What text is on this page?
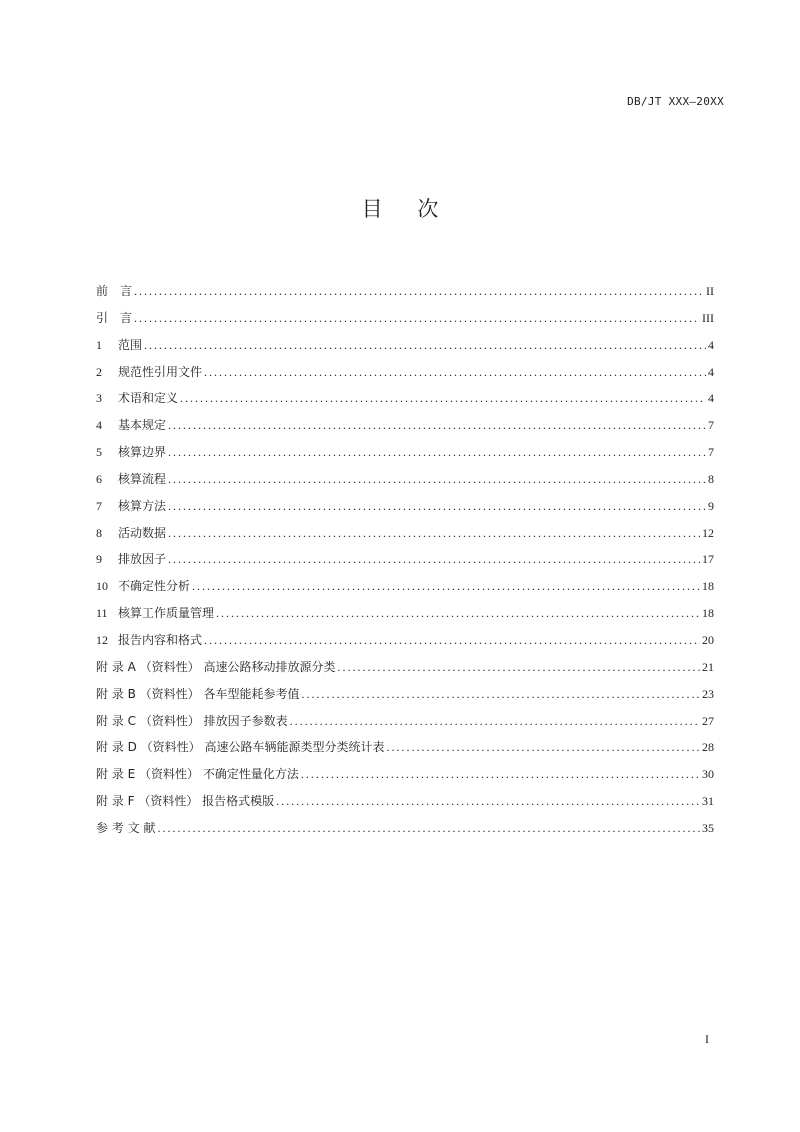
DB/JT XXX—20XX
目 次
前　言 . . .	II
引　言 . . .	III
1 范围 . . .	4
2 规范性引用文件 . . .	4
3 术语和定义 . . .	4
4 基本规定 . . .	7
5 核算边界 . . .	7
6 核算流程 . . .	8
7 核算方法 . . .	9
8 活动数据 . . .	12
9 排放因子 . . .	17
10 不确定性分析 . . .	18
11 核算工作质量管理 . . .	18
12 报告内容和格式 . . .	20
附 录 A （资料性） 高速公路移动排放源分类 . . .	21
附 录 B （资料性） 各车型能耗参考值 . . .	23
附 录 C （资料性） 排放因子参数表 . . .	27
附 录 D （资料性） 高速公路车辆能源类型分类统计表 . . .	28
附 录 E （资料性） 不确定性量化方法 . . .	30
附 录 F （资料性） 报告格式模版 . . .	31
参 考 文 献 . . .	35
I
